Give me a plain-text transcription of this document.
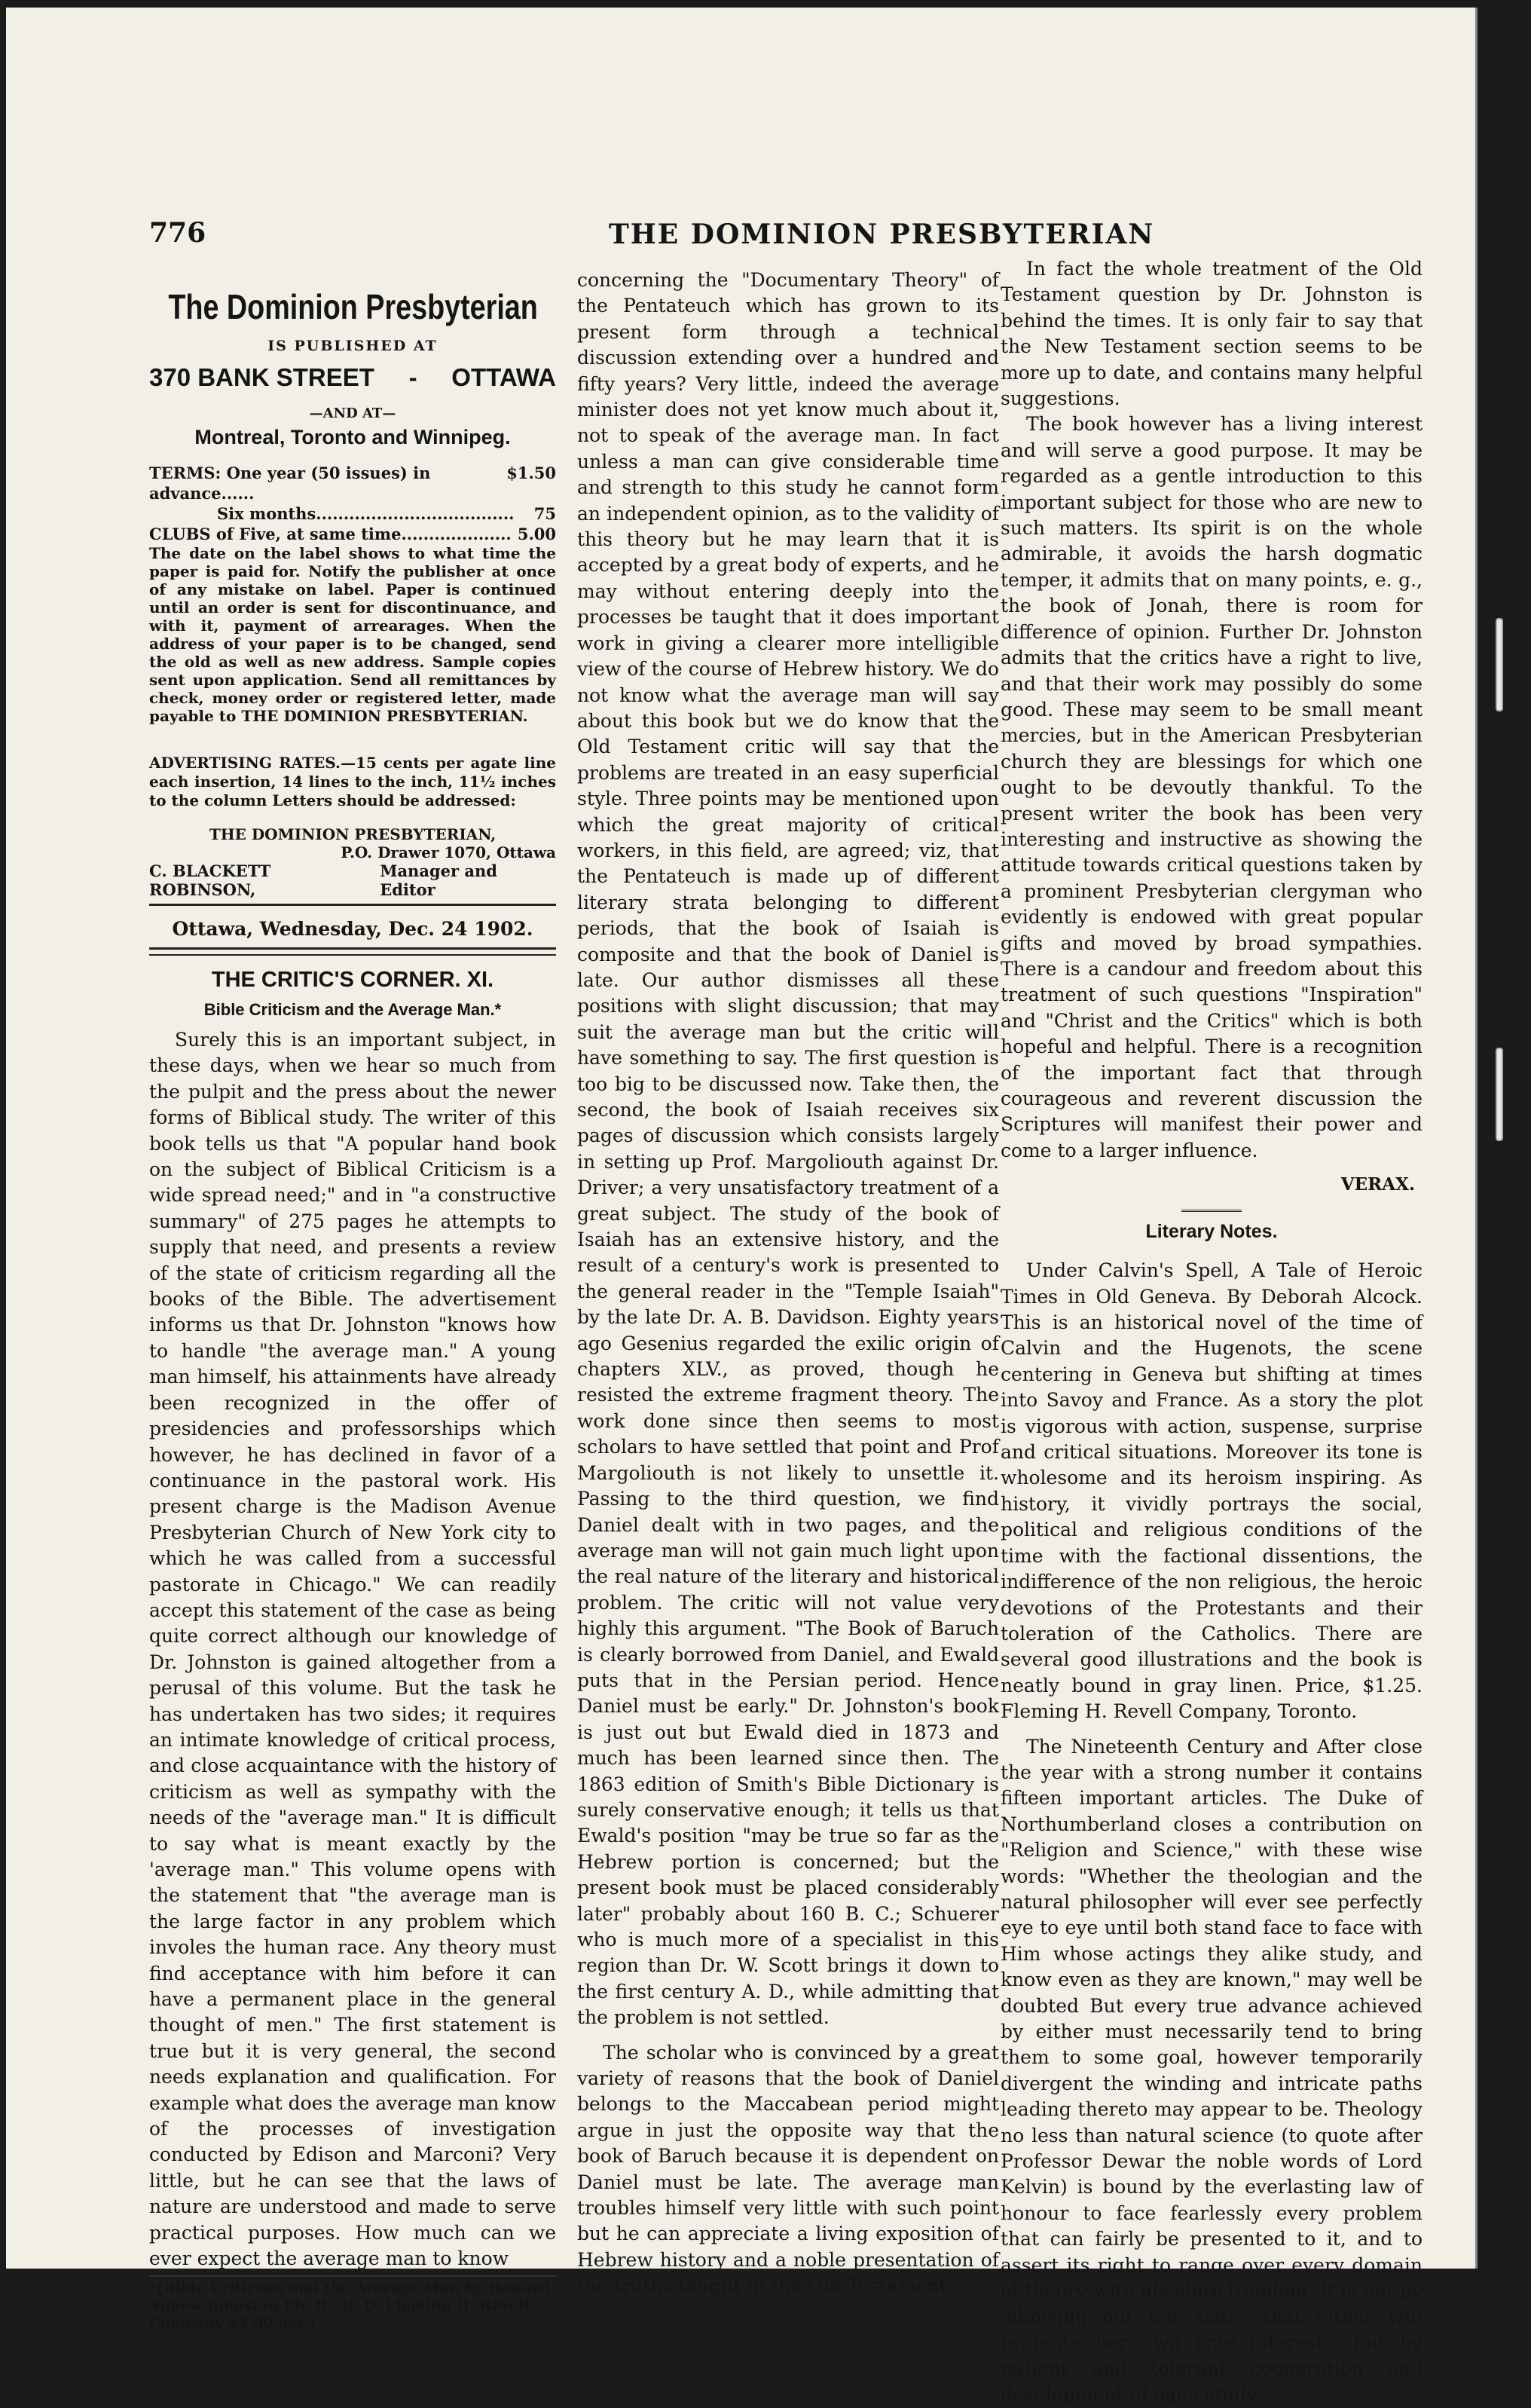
776	THE DOMINION PRESBYTERIAN
The Dominion Presbyterian
IS PUBLISHED AT
370 BANK STREET - OTTAWA
—AND AT—
Montreal, Toronto and Winnipeg.
TERMS: One year (50 issues) in advance......
$1.50
Six months.................................... 75
CLUBS of Five, at same time.................... 5.00

The date on the label shows to what time the paper is paid for. Notify the publisher at once of any mistake on label. Paper is continued until an order is sent for discontinuance, and with it, payment of arrearages. When the address of your paper is to be changed, send the old as well as new address. Sample copies sent upon application. Send all remittances by check, money order or registered letter, made payable to THE DOMINION PRESBYTERIAN.

ADVERTISING RATES.—15 cents per agate line each insertion, 14 lines to the inch, 11½ inches to the column Letters should be addressed:

THE DOMINION PRESBYTERIAN,
P.O. Drawer 1070, Ottawa
C. BLACKETT ROBINSON,
Manager and Editor
Ottawa, Wednesday, Dec. 24 1902.
THE CRITIC'S CORNER. XI.
Bible Criticism and the Average Man.*

Surely this is an important subject, in these days, when we hear so much from the pulpit and the press about the newer forms of Biblical study. The writer of this book tells us that "A popular hand book on the subject of Biblical Criticism is a wide spread need;" and in "a constructive summary" of 275 pages he attempts to supply that need, and presents a review of the state of criticism regarding all the books of the Bible. The advertisement informs us that Dr. Johnston "knows how to handle "the average man." A young man himself, his attainments have already been recognized in the offer of presidencies and professorships which however, he has declined in favor of a continuance in the pastoral work. His present charge is the Madison Avenue Presbyterian Church of New York city to which he was called from a successful pastorate in Chicago." We can readily accept this statement of the case as being quite correct although our knowledge of Dr. Johnston is gained altogether from a perusal of this volume. But the task he has undertaken has two sides; it requires an intimate knowledge of critical process, and close acquaintance with the history of criticism as well as sympathy with the needs of the "average man." It is difficult to say what is meant exactly by the 'average man." This volume opens with the statement that "the average man is the large factor in any problem which involes the human race. Any theory must find acceptance with him before it can have a permanent place in the general thought of men." The first statement is true but it is very general, the second needs explanation and qualification. For example what does the average man know of the processes of investigation conducted by Edison and Marconi? Very little, but he can see that the laws of nature are understood and made to serve practical purposes. How much can we ever expect the average man to know

*(Bible Criticism and the Average Man by Howard Agnew Johnston Ph. D., D. D. Fleming H. Revell Company $1.00 net.)

concerning the "Documentary Theory" of the Pentateuch which has grown to its present form through a technical discussion extending over a hundred and fifty years? Very little, indeed the average minister does not yet know much about it, not to speak of the average man. In fact unless a man can give considerable time and strength to this study he cannot form an independent opinion, as to the validity of this theory but he may learn that it is accepted by a great body of experts, and he may without entering deeply into the processes be taught that it does important work in giving a clearer more intelligible view of the course of Hebrew history. We do not know what the average man will say about this book but we do know that the Old Testament critic will say that the problems are treated in an easy superficial style. Three points may be mentioned upon which the great majority of critical workers, in this field, are agreed; viz, that the Pentateuch is made up of different literary strata belonging to different periods, that the book of Isaiah is composite and that the book of Daniel is late. Our author dismisses all these positions with slight discussion; that may suit the average man but the critic will have something to say. The first question is too big to be discussed now. Take then, the second, the book of Isaiah receives six pages of discussion which consists largely in setting up Prof. Margoliouth against Dr. Driver; a very unsatisfactory treatment of a great subject. The study of the book of Isaiah has an extensive history, and the result of a century's work is presented to the general reader in the "Temple Isaiah" by the late Dr. A. B. Davidson. Eighty years ago Gesenius regarded the exilic origin of chapters XLV., as proved, though he resisted the extreme fragment theory. The work done since then seems to most scholars to have settled that point and Prof Margoliouth is not likely to unsettle it. Passing to the third question, we find Daniel dealt with in two pages, and the average man will not gain much light upon the real nature of the literary and historical problem. The critic will not value very highly this argument. "The Book of Baruch is clearly borrowed from Daniel, and Ewald puts that in the Persian period. Hence Daniel must be early." Dr. Johnston's book is just out but Ewald died in 1873 and much has been learned since then. The 1863 edition of Smith's Bible Dictionary is surely conservative enough; it tells us that Ewald's position "may be true so far as the Hebrew portion is concerned; but the present book must be placed considerably later" probably about 160 B. C.; Schuerer who is much more of a specialist in this region than Dr. W. Scott brings it down to the first century A. D., while admitting that the problem is not settled.

The scholar who is convinced by a great variety of reasons that the book of Daniel belongs to the Maccabean period might argue in just the opposite way that the book of Baruch because it is dependent on Daniel must be late. The average man troubles himself very little with such point but he can appreciate a living exposition of Hebrew history and a noble presentation of the truths taught in the Old Testament.

In fact the whole treatment of the Old Testament question by Dr. Johnston is behind the times. It is only fair to say that the New Testament section seems to be more up to date, and contains many helpful suggestions.

The book however has a living interest and will serve a good purpose. It may be regarded as a gentle introduction to this important subject for those who are new to such matters. Its spirit is on the whole admirable, it avoids the harsh dogmatic temper, it admits that on many points, e. g., the book of Jonah, there is room for difference of opinion. Further Dr. Johnston admits that the critics have a right to live, and that their work may possibly do some good. These may seem to be small meant mercies, but in the American Presbyterian church they are blessings for which one ought to be devoutly thankful. To the present writer the book has been very interesting and instructive as showing the attitude towards critical questions taken by a prominent Presbyterian clergyman who evidently is endowed with great popular gifts and moved by broad sympathies. There is a candour and freedom about this treatment of such questions "Inspiration" and "Christ and the Critics" which is both hopeful and helpful. There is a recognition of the important fact that through courageous and reverent discussion the Scriptures will manifest their power and come to a larger influence.

VERAX.
Literary Notes.

Under Calvin's Spell, A Tale of Heroic Times in Old Geneva. By Deborah Alcock. This is an historical novel of the time of Calvin and the Hugenots, the scene centering in Geneva but shifting at times into Savoy and France. As a story the plot is vigorous with action, suspense, surprise and critical situations. Moreover its tone is wholesome and its heroism inspiring. As history, it vividly portrays the social, political and religious conditions of the time with the factional dissentions, the indifference of the non religious, the heroic devotions of the Protestants and their toleration of the Catholics. There are several good illustrations and the book is neatly bound in gray linen. Price, $1.25. Fleming H. Revell Company, Toronto.

The Nineteenth Century and After close the year with a strong number it contains fifteen important articles. The Duke of Northumberland closes a contribution on "Religion and Science," with these wise words: "Whether the theologian and the natural philosopher will ever see perfectly eye to eye until both stand face to face with Him whose actings they alike study, and know even as they are known," may well be doubted But every true advance achieved by either must necessarily tend to bring them to some goal, however temporarily divergent the winding and intricate paths leading thereto may appear to be. Theology no less than natural science (to quote after Professor Dewar the noble words of Lord Kelvin) is bound by the everlasting law of honour to face fearlessly every problem that can fairly be presented to it, and to assert its right to range over every domain of theory with absolute freedom. It is not by elbowing out her sister that either will promote her own true interests, but by patient and tolerant cooperation and development of each study
